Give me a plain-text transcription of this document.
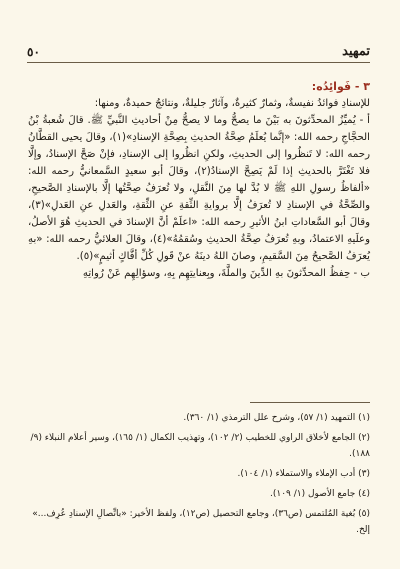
تمهيد
٥٠

٣ - فَوائِدُه:

للإسنادِ فوائدُ نفيسةٌ، وثمارٌ كثيرةٌ، وآثارٌ جليلةٌ، ونتائجُ حميدةٌ، ومنها:

أ - يُميِّزُ المحدِّثونَ به بَيْنَ ما يصحُّ وما لا يصحُّ مِنْ أحاديثِ النَّبيِّ ﷺ. قالَ شُعبةُ بْنُ الحجَّاجِ رحمه الله: «إنَّما يُعلَمُ صِحَّةُ الحديثِ بِصِحَّةِ الإسنادِ»(١)، وقالَ يحيى القطَّانُ رحمه الله: لا تَنظُروا إلى الحديثِ، ولكنِ انظُروا إلى الإسنادِ، فإنْ صَحَّ الإسنادُ، وإلَّا فلا تَغْتَرَّ بالحديثِ إذا لَمْ يَصِحَّ الإسنادُ(٢)، وقالَ أبو سعيدٍ السَّمعانيُّ رحمه الله: «ألفاظُ رسولِ اللهِ ﷺ لا بُدَّ لها مِنَ النَّقلِ، ولا تُعرَفُ صِحَّتُها إلَّا بالإسنادِ الصَّحيحِ، والصِّحَّةُ في الإسنادِ لا تُعرَفُ إلَّا بروايةِ الثِّقةِ عنِ الثِّقةِ، والعَدلِ عنِ العَدلِ»(٣)، وقالَ أبو السَّعاداتِ ابنُ الأثيرِ رحمه الله: «اعلَمْ أنَّ الإسنادَ في الحديثِ هُوَ الأصلُ، وعلَيهِ الاعتمادُ، وبهِ تُعرَفُ صِحَّةُ الحديثِ وسُقمُهُ»(٤)، وقالَ العلائيُّ رحمه الله: «بهِ يُعرَفُ الصَّحيحُ مِنَ السَّقيمِ، وصانَ اللهُ دينَهُ عنْ قَولِ كُلِّ أفَّاكٍ أثيمٍ»(٥).

ب - حِفظُ المحدِّثونَ بهِ الدِّينَ والملَّةَ، وبِعنايتِهِم بِهِ، وسؤالِهِم عَنْ رُواتِهِ

(١) التمهيد (١/ ٥٧)، وشرح علل الترمذي (١/ ٣٦٠).

(٢) الجامع لأخلاق الراوي للخطيب (٢/ ١٠٢)، وتهذيب الكمال (١/ ١٦٥)، وسير أعلام النبلاء (٩/ ١٨٨).

(٣) أدب الإملاء والاستملاء (١/ ١٠٤).

(٤) جامع الأصول (١/ ١٠٩).

(٥) بُغية المُلتمس (ص٣٦)، وجامع التحصيل (ص١٢)، ولفظ الأخير: «باتِّصالِ الإسنادِ عُرِف...» إلخ.
